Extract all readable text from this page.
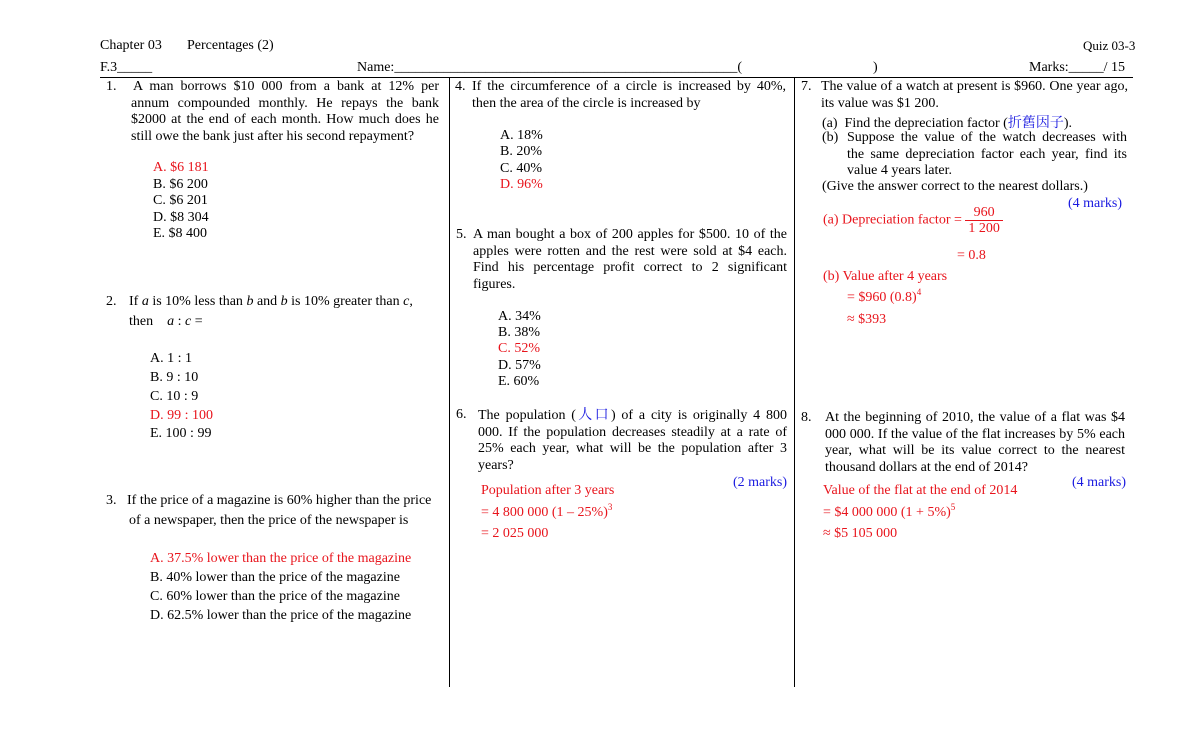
Chapter 03 Percentages (2)	Quiz 03-3
F.3_____	Name:_________________________________________________(	)	Marks:_____/ 15
1. A man borrows $10 000 from a bank at 12% per annum compounded monthly. He repays the bank $2000 at the end of each month. How much does he still owe the bank just after his second repayment?
A. $6 181
B. $6 200
C. $6 201
D. $8 304
E. $8 400
2. If a is 10% less than b and b is 10% greater than c,
then a : c =
A. 1 : 1
B. 9 : 10
C. 10 : 9
D. 99 : 100
E. 100 : 99
3. If the price of a magazine is 60% higher than the price
of a newspaper, then the price of the newspaper is
A. 37.5% lower than the price of the magazine
B. 40% lower than the price of the magazine
C. 60% lower than the price of the magazine
D. 62.5% lower than the price of the magazine
4. If the circumference of a circle is increased by 40%, then the area of the circle is increased by
A. 18%
B. 20%
C. 40%
D. 96%
5. A man bought a box of 200 apples for $500. 10 of the apples were rotten and the rest were sold at $4 each. Find his percentage profit correct to 2 significant figures.
A. 34%
B. 38%
C. 52%
D. 57%
E. 60%
6. The population (人口) of a city is originally 4 800 000. If the population decreases steadily at a rate of 25% each year, what will be the population after 3 years?
(2 marks)
Population after 3 years
= 4 800 000 (1 – 25%)$^3$
= 2 025 000
7. The value of a watch at present is $960. One year ago, its value was $1 200.
(a) Find the depreciation factor (折舊因子).
(b) Suppose the value of the watch decreases with the same depreciation factor each year, find its value 4 years later.
(Give the answer correct to the nearest dollars.)
(4 marks)
(a) Depreciation factor = $\frac{960}{1 200}$
= 0.8
(b) Value after 4 years
= $960 $(0.8)^4$
≈ $393
8. At the beginning of 2010, the value of a flat was $4 000 000. If the value of the flat increases by 5% each year, what will be its value correct to the nearest thousand dollars at the end of 2014?
(4 marks)
Value of the flat at the end of 2014
= $4 000 000 $(1 + 5\%)^5$
≈ $5 105 000
